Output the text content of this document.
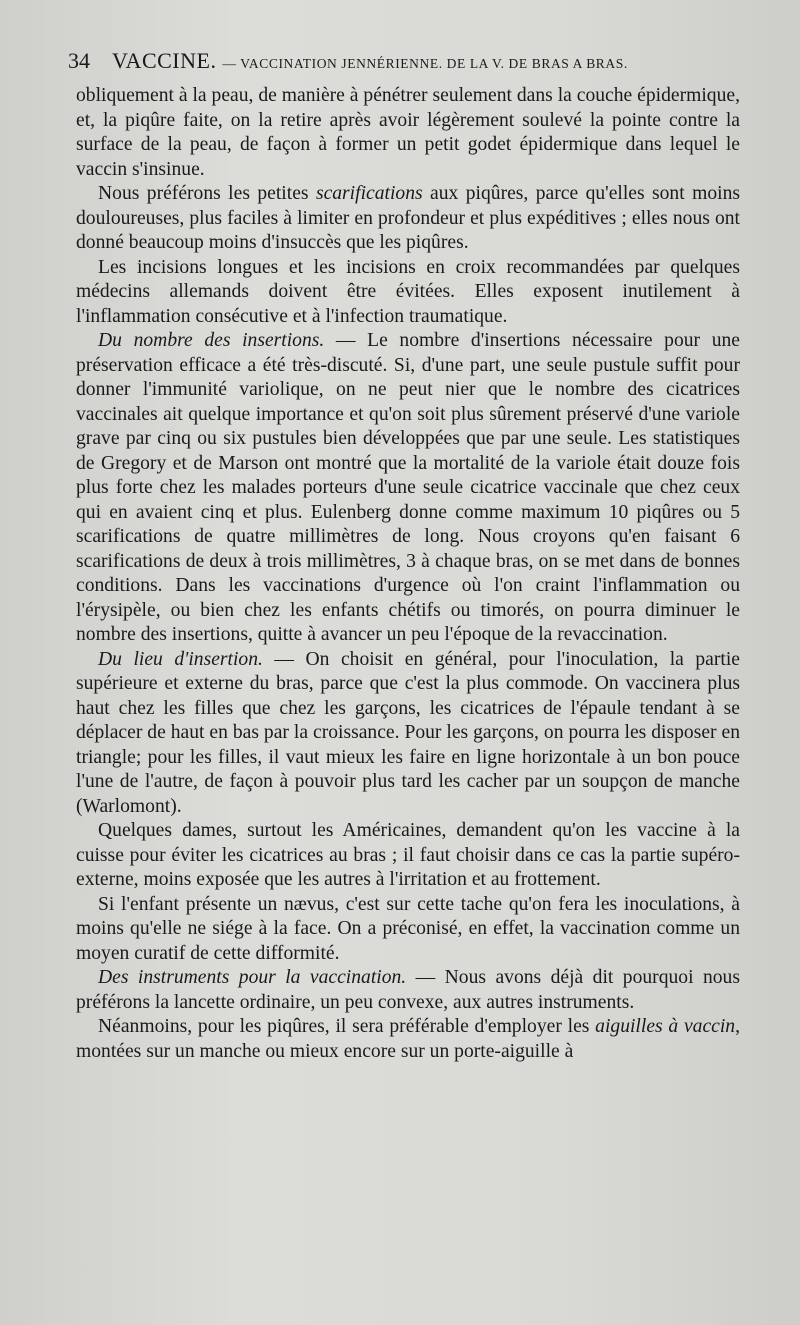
34 VACCINE. — VACCINATION JENNÉRIENNE. DE LA V. DE BRAS A BRAS.

obliquement à la peau, de manière à pénétrer seulement dans la couche épidermique, et, la piqûre faite, on la retire après avoir légèrement soulevé la pointe contre la surface de la peau, de façon à former un petit godet épidermique dans lequel le vaccin s'insinue.

Nous préférons les petites scarifications aux piqûres, parce qu'elles sont moins douloureuses, plus faciles à limiter en profondeur et plus expéditives ; elles nous ont donné beaucoup moins d'insuccès que les piqûres.

Les incisions longues et les incisions en croix recommandées par quelques médecins allemands doivent être évitées. Elles exposent inutilement à l'inflammation consécutive et à l'infection traumatique.

Du nombre des insertions. — Le nombre d'insertions nécessaire pour une préservation efficace a été très-discuté. Si, d'une part, une seule pustule suffit pour donner l'immunité variolique, on ne peut nier que le nombre des cicatrices vaccinales ait quelque importance et qu'on soit plus sûrement préservé d'une variole grave par cinq ou six pustules bien développées que par une seule. Les statistiques de Gregory et de Marson ont montré que la mortalité de la variole était douze fois plus forte chez les malades porteurs d'une seule cicatrice vaccinale que chez ceux qui en avaient cinq et plus. Eulenberg donne comme maximum 10 piqûres ou 5 scarifications de quatre millimètres de long. Nous croyons qu'en faisant 6 scarifications de deux à trois millimètres, 3 à chaque bras, on se met dans de bonnes conditions. Dans les vaccinations d'urgence où l'on craint l'inflammation ou l'érysipèle, ou bien chez les enfants chétifs ou timorés, on pourra diminuer le nombre des insertions, quitte à avancer un peu l'époque de la revaccination.

Du lieu d'insertion. — On choisit en général, pour l'inoculation, la partie supérieure et externe du bras, parce que c'est la plus commode. On vaccinera plus haut chez les filles que chez les garçons, les cicatrices de l'épaule tendant à se déplacer de haut en bas par la croissance. Pour les garçons, on pourra les disposer en triangle; pour les filles, il vaut mieux les faire en ligne horizontale à un bon pouce l'une de l'autre, de façon à pouvoir plus tard les cacher par un soupçon de manche (Warlomont).

Quelques dames, surtout les Américaines, demandent qu'on les vaccine à la cuisse pour éviter les cicatrices au bras ; il faut choisir dans ce cas la partie supéro-externe, moins exposée que les autres à l'irritation et au frottement.

Si l'enfant présente un nævus, c'est sur cette tache qu'on fera les inoculations, à moins qu'elle ne siége à la face. On a préconisé, en effet, la vaccination comme un moyen curatif de cette difformité.

Des instruments pour la vaccination. — Nous avons déjà dit pourquoi nous préférons la lancette ordinaire, un peu convexe, aux autres instruments.

Néanmoins, pour les piqûres, il sera préférable d'employer les aiguilles à vaccin, montées sur un manche ou mieux encore sur un porte-aiguille à
